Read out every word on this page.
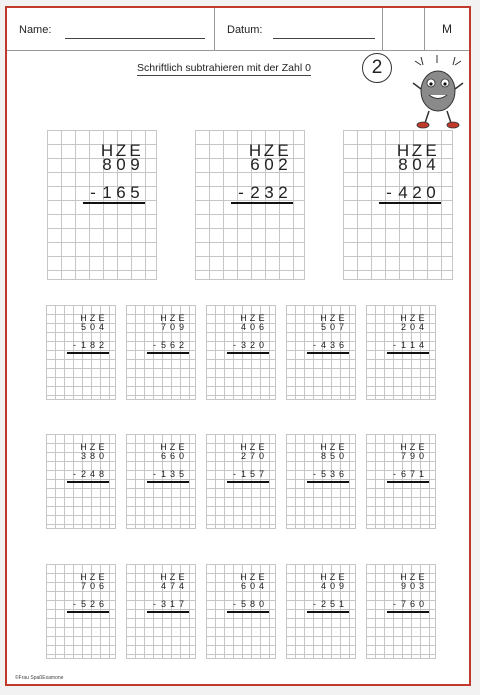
Name:	Datum:	M
Schriftlich subtrahieren mit der Zahl 0	2
H Z E
8 0 9
- 1 6 5
H Z E
6 0 2
- 2 3 2
H Z E
8 0 4
- 4 2 0
H Z E
5 0 4
- 1 8 2
H Z E
7 0 9
- 5 6 2
H Z E
4 0 6
- 3 2 0
H Z E
5 0 7
- 4 3 6
H Z E
2 0 4
- 1 1 4
H Z E
3 8 0
- 2 4 8
H Z E
6 6 0
- 1 3 5
H Z E
2 7 0
- 1 5 7
H Z E
8 5 0
- 5 3 6
H Z E
7 9 0
- 6 7 1
H Z E
7 0 6
- 5 2 6
H Z E
4 7 4
- 3 1 7
H Z E
6 0 4
- 5 8 0
H Z E
4 0 9
- 2 5 1
H Z E
9 0 3
- 7 6 0
©Frau SpaßExamone
